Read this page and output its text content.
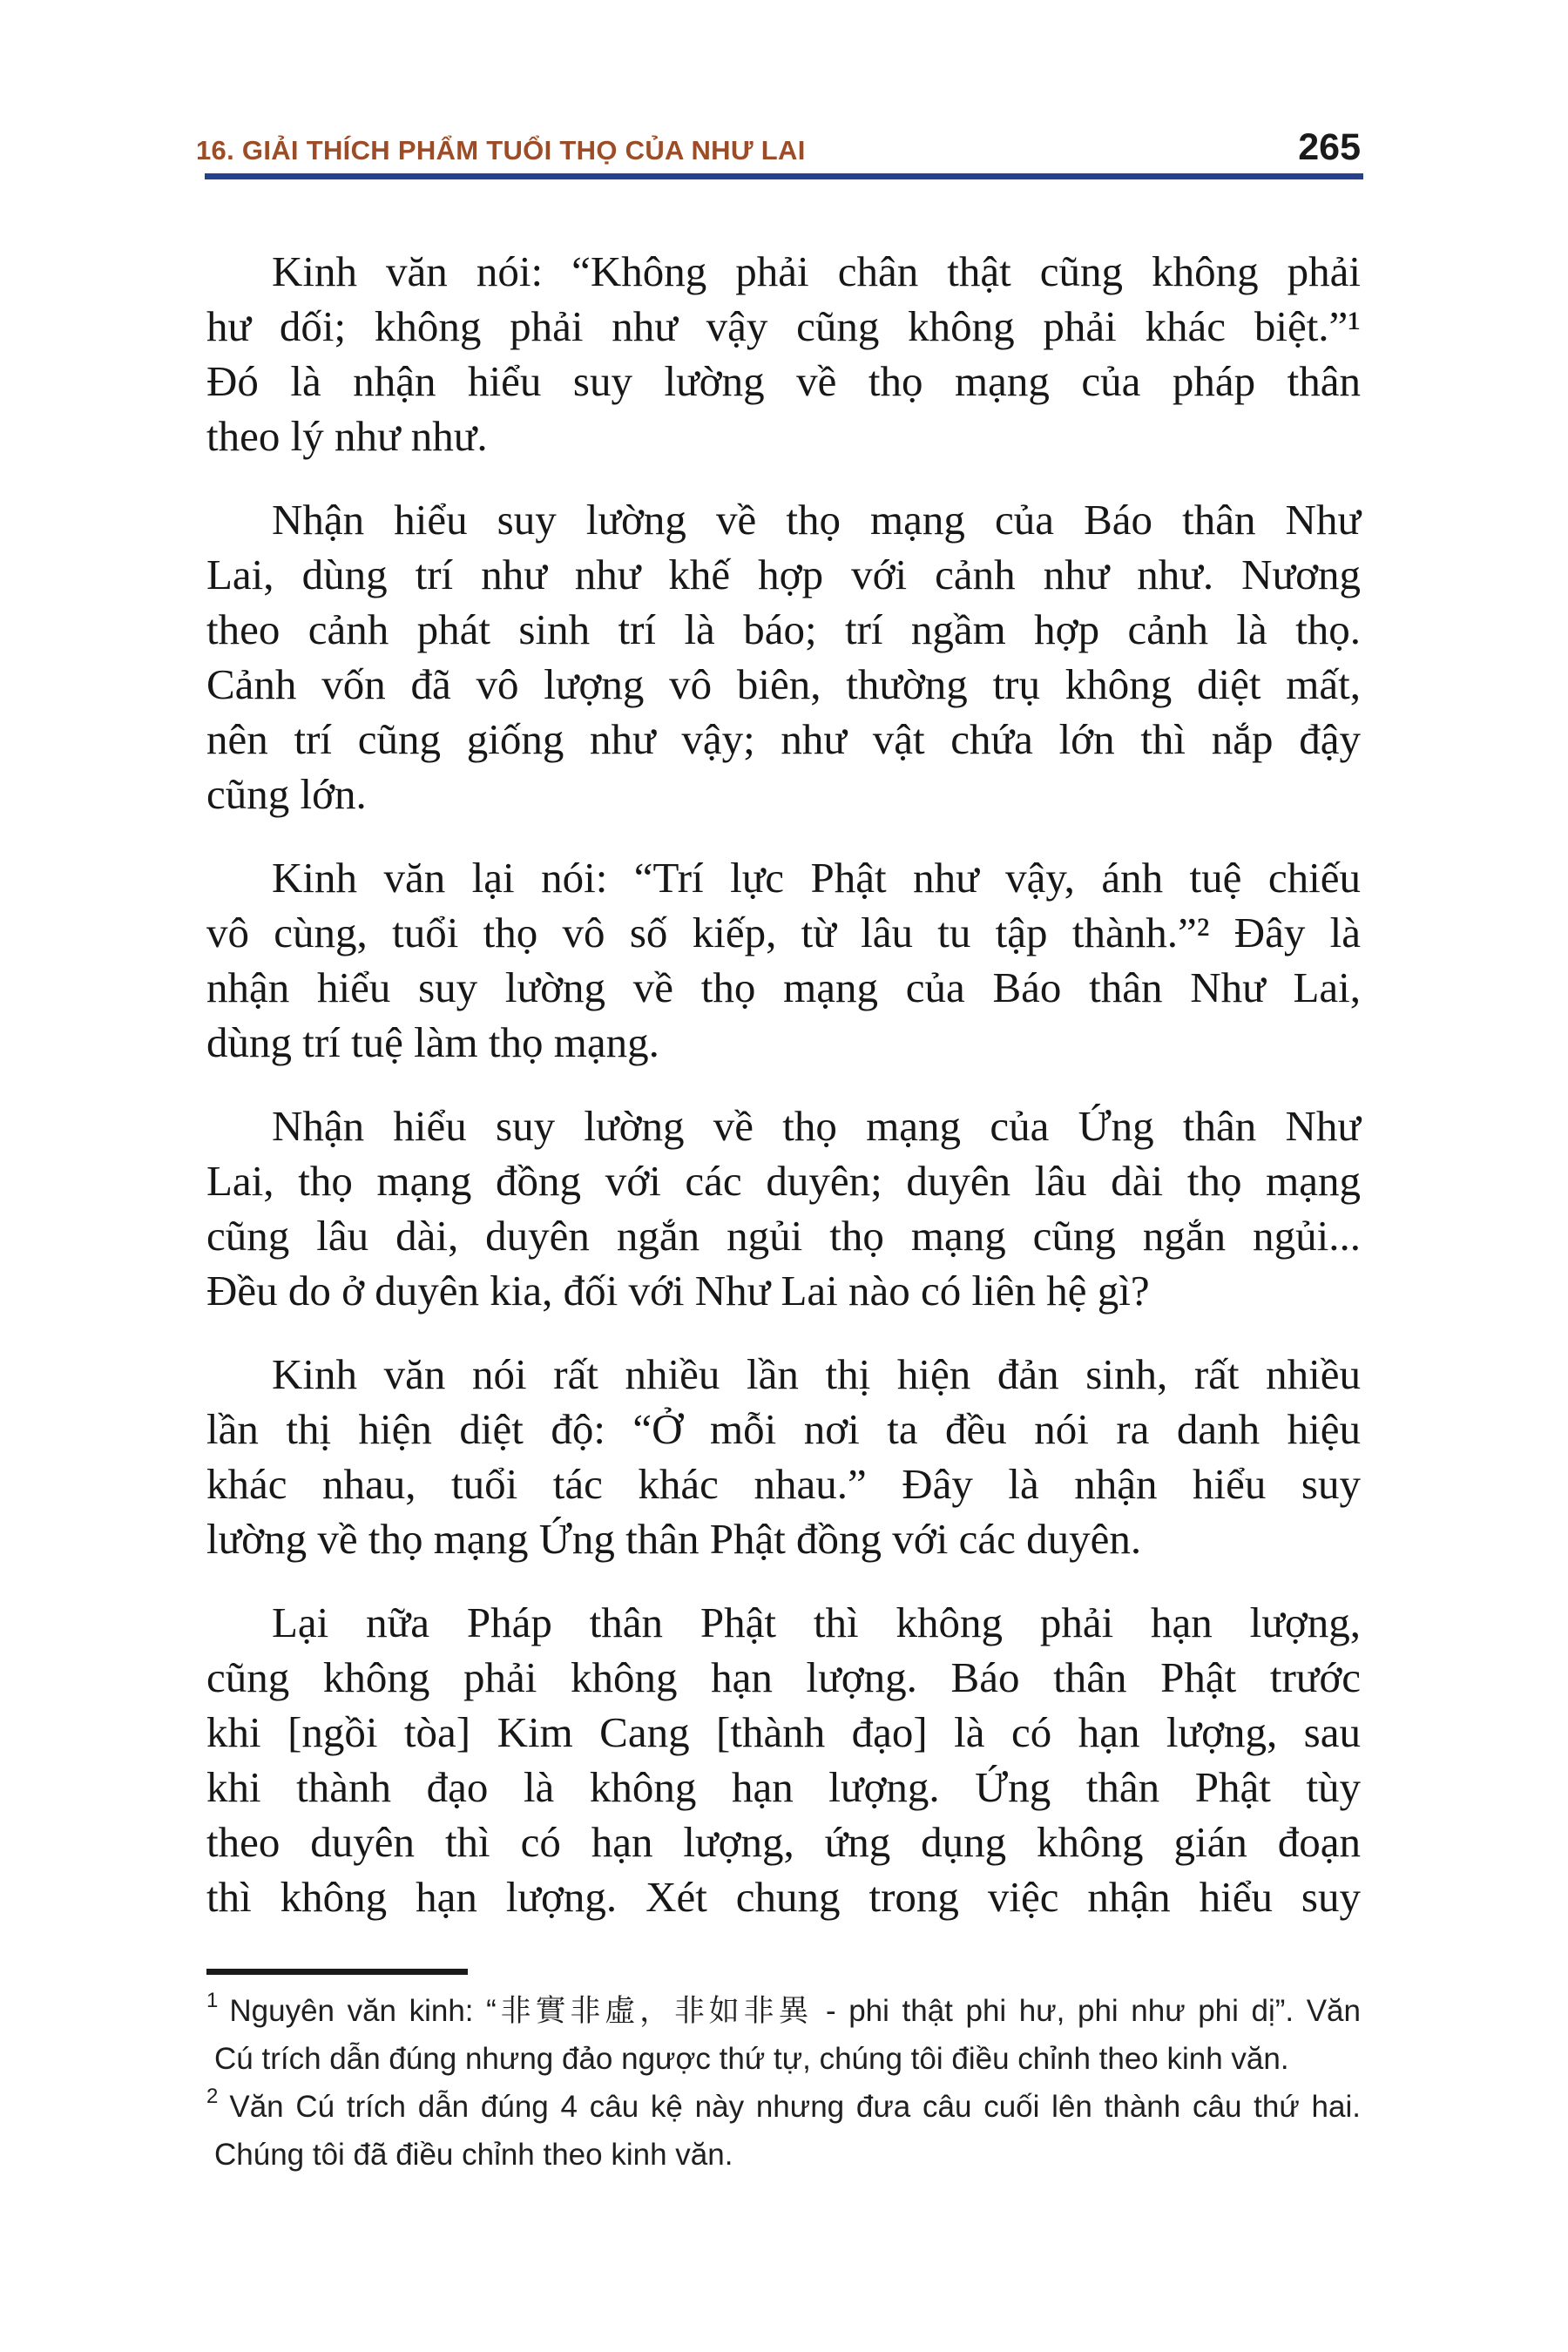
16. GIẢI THÍCH PHẨM TUỔI THỌ CỦA NHƯ LAI	265
Kinh văn nói: “Không phải chân thật cũng không phải
hư dối; không phải như vậy cũng không phải khác biệt.”¹
Đó là nhận hiểu suy lường về thọ mạng của pháp thân
theo lý như như.
Nhận hiểu suy lường về thọ mạng của Báo thân Như
Lai, dùng trí như như khế hợp với cảnh như như. Nương
theo cảnh phát sinh trí là báo; trí ngầm hợp cảnh là thọ.
Cảnh vốn đã vô lượng vô biên, thường trụ không diệt mất,
nên trí cũng giống như vậy; như vật chứa lớn thì nắp đậy
cũng lớn.
Kinh văn lại nói: “Trí lực Phật như vậy, ánh tuệ chiếu
vô cùng, tuổi thọ vô số kiếp, từ lâu tu tập thành.”² Đây là
nhận hiểu suy lường về thọ mạng của Báo thân Như Lai,
dùng trí tuệ làm thọ mạng.
Nhận hiểu suy lường về thọ mạng của Ứng thân Như
Lai, thọ mạng đồng với các duyên; duyên lâu dài thọ mạng
cũng lâu dài, duyên ngắn ngủi thọ mạng cũng ngắn ngủi...
Đều do ở duyên kia, đối với Như Lai nào có liên hệ gì?
Kinh văn nói rất nhiều lần thị hiện đản sinh, rất nhiều
lần thị hiện diệt độ: “Ở mỗi nơi ta đều nói ra danh hiệu
khác nhau, tuổi tác khác nhau.” Đây là nhận hiểu suy
lường về thọ mạng Ứng thân Phật đồng với các duyên.
Lại nữa Pháp thân Phật thì không phải hạn lượng,
cũng không phải không hạn lượng. Báo thân Phật trước
khi [ngồi tòa] Kim Cang [thành đạo] là có hạn lượng, sau
khi thành đạo là không hạn lượng. Ứng thân Phật tùy
theo duyên thì có hạn lượng, ứng dụng không gián đoạn
thì không hạn lượng. Xét chung trong việc nhận hiểu suy
$^1$ Nguyên văn kinh: “非實非虛，非如非異 - phi thật phi hư, phi như phi dị”. Văn
Cú trích dẫn đúng nhưng đảo ngược thứ tự, chúng tôi điều chỉnh theo kinh văn.
$^2$ Văn Cú trích dẫn đúng 4 câu kệ này nhưng đưa câu cuối lên thành câu thứ hai.
Chúng tôi đã điều chỉnh theo kinh văn.
